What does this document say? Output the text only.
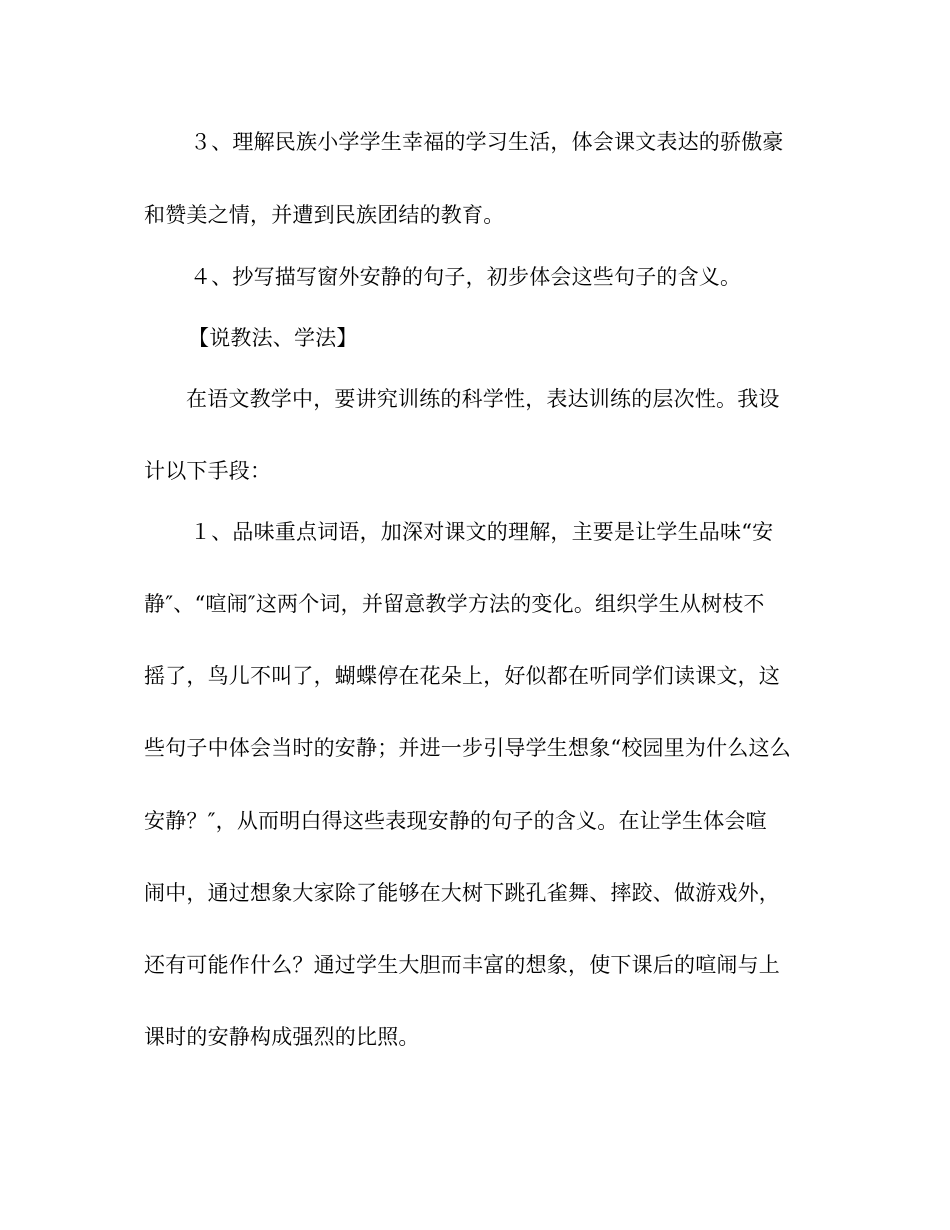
３、理解民族小学学生幸福的学习生活，体会课文表达的骄傲豪
和赞美之情，并遭到民族团结的教育。
４、抄写描写窗外安静的句子，初步体会这些句子的含义。
【说教法、学法】
在语文教学中，要讲究训练的科学性，表达训练的层次性。我设
计以下手段：
１、品味重点词语，加深对课文的理解，主要是让学生品味“安
静″、“喧闹″这两个词，并留意教学方法的变化。组织学生从树枝不
摇了，鸟儿不叫了，蝴蝶停在花朵上，好似都在听同学们读课文，这
些句子中体会当时的安静；并进一步引导学生想象“校园里为什么这么
安静？″，从而明白得这些表现安静的句子的含义。在让学生体会喧
闹中，通过想象大家除了能够在大树下跳孔雀舞、摔跤、做游戏外，
还有可能作什么？通过学生大胆而丰富的想象，使下课后的喧闹与上
课时的安静构成强烈的比照。
